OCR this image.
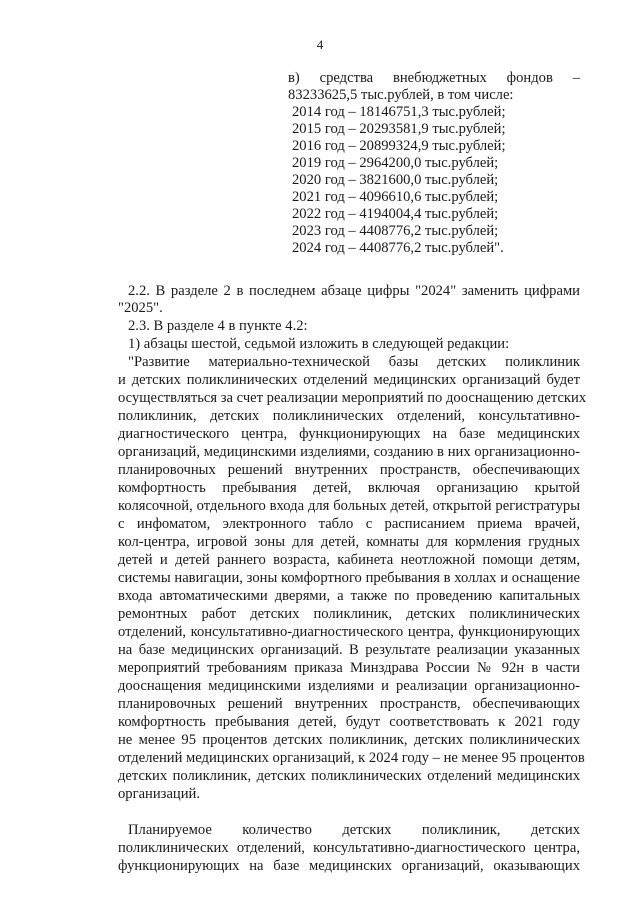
4
в) средства внебюджетных фондов –
83233625,5 тыс.рублей, в том числе:
2014 год – 18146751,3 тыс.рублей;
2015 год – 20293581,9 тыс.рублей;
2016 год – 20899324,9 тыс.рублей;
2019 год – 2964200,0 тыс.рублей;
2020 год – 3821600,0 тыс.рублей;
2021 год – 4096610,6 тыс.рублей;
2022 год – 4194004,4 тыс.рублей;
2023 год – 4408776,2 тыс.рублей;
2024 год – 4408776,2 тыс.рублей".
2.2. В разделе 2 в последнем абзаце цифры "2024" заменить цифрами
"2025".
2.3. В разделе 4 в пункте 4.2:
1) абзацы шестой, седьмой изложить в следующей редакции:
"Развитие материально-технической базы детских поликлиник
и детских поликлинических отделений медицинских организаций будет
осуществляться за счет реализации мероприятий по дооснащению детских
поликлиник, детских поликлинических отделений, консультативно-
диагностического центра, функционирующих на базе медицинских
организаций, медицинскими изделиями, созданию в них организационно-
планировочных решений внутренних пространств, обеспечивающих
комфортность пребывания детей, включая организацию крытой
колясочной, отдельного входа для больных детей, открытой регистратуры
с инфоматом, электронного табло с расписанием приема врачей,
кол-центра, игровой зоны для детей, комнаты для кормления грудных
детей и детей раннего возраста, кабинета неотложной помощи детям,
системы навигации, зоны комфортного пребывания в холлах и оснащение
входа автоматическими дверями, а также по проведению капитальных
ремонтных работ детских поликлиник, детских поликлинических
отделений, консультативно-диагностического центра, функционирующих
на базе медицинских организаций. В результате реализации указанных
мероприятий требованиям приказа Минздрава России № 92н в части
дооснащения медицинскими изделиями и реализации организационно-
планировочных решений внутренних пространств, обеспечивающих
комфортность пребывания детей, будут соответствовать к 2021 году
не менее 95 процентов детских поликлиник, детских поликлинических
отделений медицинских организаций, к 2024 году – не менее 95 процентов
детских поликлиник, детских поликлинических отделений медицинских
организаций.
Планируемое количество детских поликлиник, детских
поликлинических отделений, консультативно-диагностического центра,
функционирующих на базе медицинских организаций, оказывающих
